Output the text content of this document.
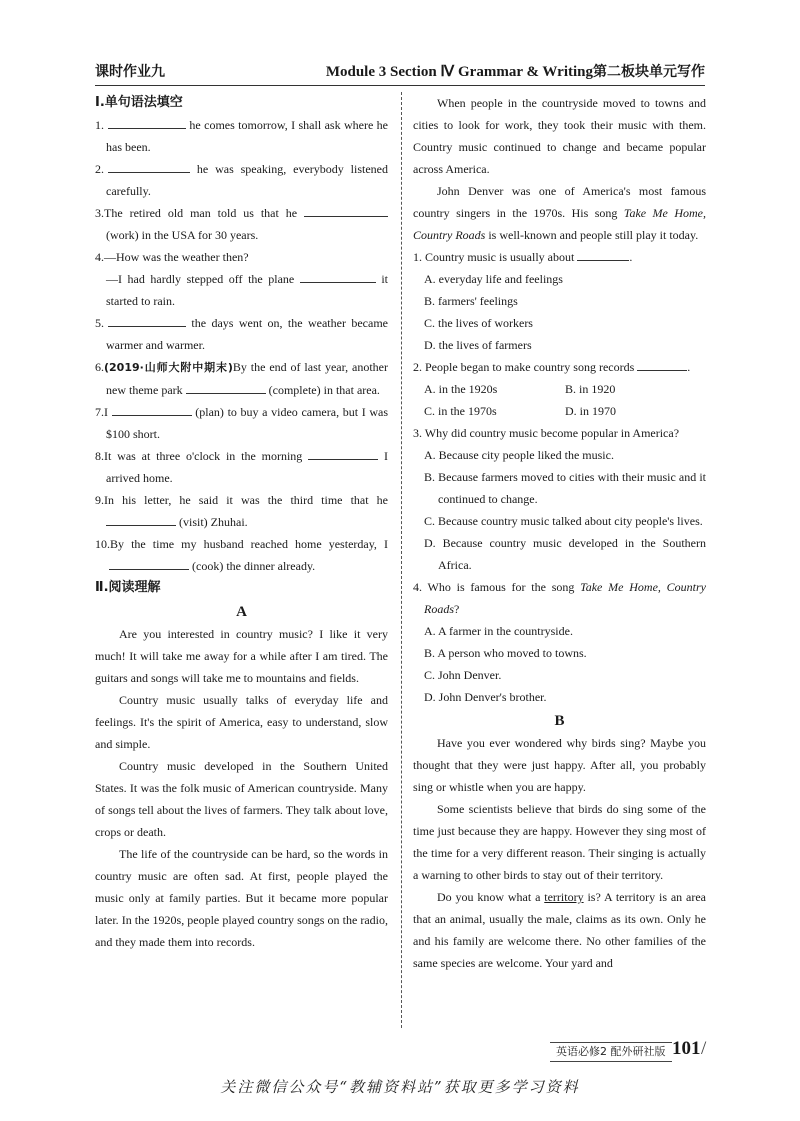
课时作业九	Module 3 Section Ⅳ Grammar & Writing第二板块单元写作

Ⅰ.单句语法填空

1.	he comes tomorrow, I shall ask where he has been.

2.	he was speaking, everybody listened carefully.

3.The retired old man told us that he  (work) in the USA for 30 years.

4.—How was the weather then?
—I had hardly stepped off the plane	it started to rain.

5.	the days went on, the weather became warmer and warmer.

6.(2019·山师大附中期末)By the end of last year, another new theme park	(complete) in that area.

7.I	(plan) to buy a video camera, but I was $100 short.

8.It was at three o'clock in the morning	I arrived home.

9.In his letter, he said it was the third time that he  (visit) Zhuhai.

10.By the time my husband reached home yesterday, I  (cook) the dinner already.

Ⅱ.阅读理解

A

Are you interested in country music? I like it very much! It will take me away for a while after I am tired. The guitars and songs will take me to mountains and fields.

Country music usually talks of everyday life and feelings. It's the spirit of America, easy to understand, slow and simple.

Country music developed in the Southern United States. It was the folk music of American countryside. Many of songs tell about the lives of farmers. They talk about love, crops or death.

The life of the countryside can be hard, so the words in country music are often sad. At first, people played the music only at family parties. But it became more popular later. In the 1920s, people played country songs on the radio, and they made them into records.

When people in the countryside moved to towns and cities to look for work, they took their music with them. Country music continued to change and became popular across America.

John Denver was one of America's most famous country singers in the 1970s. His song Take Me Home, Country Roads is well-known and people still play it today.

1. Country music is usually about	.

A. everyday life and feelings

B. farmers' feelings

C. the lives of workers

D. the lives of farmers

2. People began to make country song records	.

A. in the 1920s	B. in 1920

C. in the 1970s	D. in 1970

3. Why did country music become popular in America?

A. Because city people liked the music.

B. Because farmers moved to cities with their music and it continued to change.

C. Because country music talked about city people's lives.

D. Because country music developed in the Southern Africa.

4. Who is famous for the song Take Me Home, Country Roads?

A. A farmer in the countryside.

B. A person who moved to towns.

C. John Denver.

D. John Denver's brother.

B

Have you ever wondered why birds sing? Maybe you thought that they were just happy. After all, you probably sing or whistle when you are happy.

Some scientists believe that birds do sing some of the time just because they are happy. However they sing most of the time for a very different reason. Their singing is actually a warning to other birds to stay out of their territory.

Do you know what a territory is? A territory is an area that an animal, usually the male, claims as its own. Only he and his family are welcome there. No other families of the same species are welcome. Your yard and

英语必修2 配外研社版 101 /
关注微信公众号“教辅资料站”获取更多学习资料
